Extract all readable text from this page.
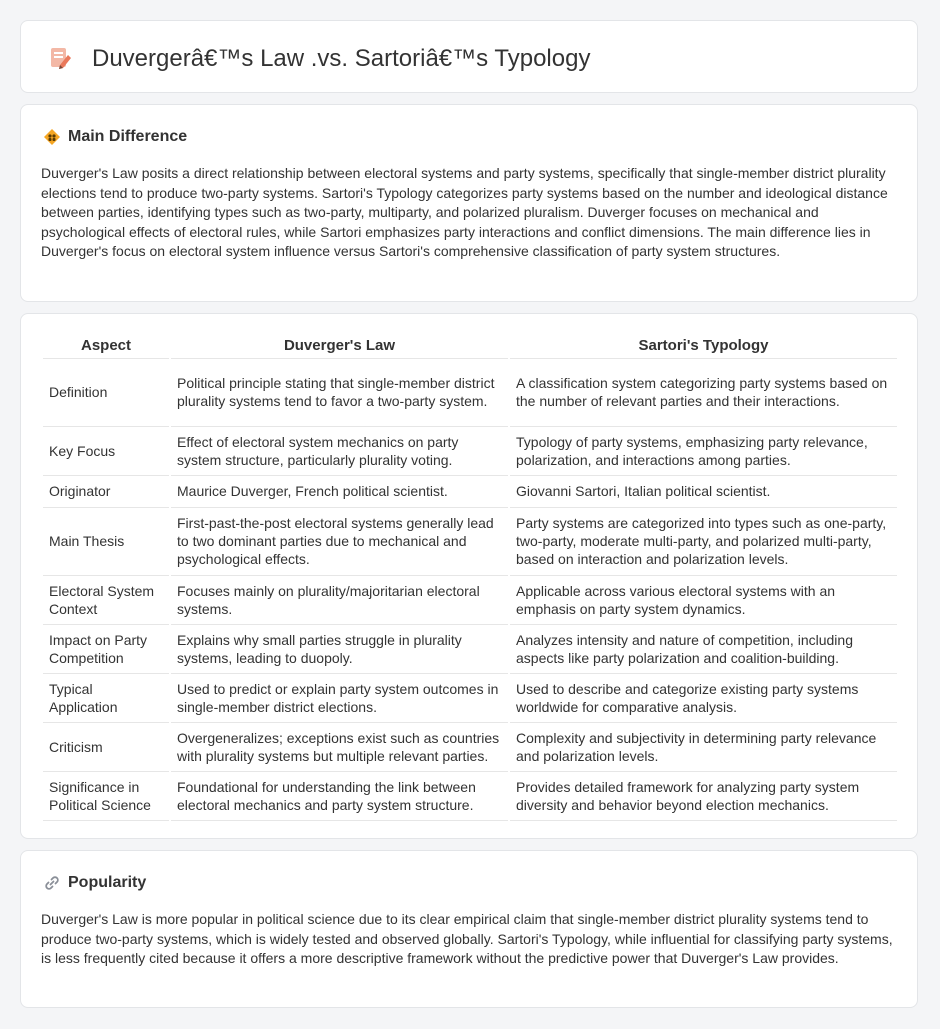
Duvergerâ€™s Law .vs. Sartoriâ€™s Typology
Main Difference

Duverger's Law posits a direct relationship between electoral systems and party systems, specifically that single-member district plurality elections tend to produce two-party systems. Sartori's Typology categorizes party systems based on the number and ideological distance between parties, identifying types such as two-party, multiparty, and polarized pluralism. Duverger focuses on mechanical and psychological effects of electoral rules, while Sartori emphasizes party interactions and conflict dimensions. The main difference lies in Duverger's focus on electoral system influence versus Sartori's comprehensive classification of party system structures.

Aspect	Duverger's Law	Sartori's Typology
Definition	Political principle stating that single-member district plurality systems tend to favor a two-party system.	A classification system categorizing party systems based on the number of relevant parties and their interactions.
Key Focus	Effect of electoral system mechanics on party system structure, particularly plurality voting.	Typology of party systems, emphasizing party relevance, polarization, and interactions among parties.
Originator	Maurice Duverger, French political scientist.	Giovanni Sartori, Italian political scientist.
Main Thesis	First-past-the-post electoral systems generally lead to two dominant parties due to mechanical and psychological effects.	Party systems are categorized into types such as one-party, two-party, moderate multi-party, and polarized multi-party, based on interaction and polarization levels.
Electoral System Context	Focuses mainly on plurality/majoritarian electoral systems.	Applicable across various electoral systems with an emphasis on party system dynamics.
Impact on Party Competition	Explains why small parties struggle in plurality systems, leading to duopoly.	Analyzes intensity and nature of competition, including aspects like party polarization and coalition-building.
Typical Application	Used to predict or explain party system outcomes in single-member district elections.	Used to describe and categorize existing party systems worldwide for comparative analysis.
Criticism	Overgeneralizes; exceptions exist such as countries with plurality systems but multiple relevant parties.	Complexity and subjectivity in determining party relevance and polarization levels.
Significance in Political Science	Foundational for understanding the link between electoral mechanics and party system structure.	Provides detailed framework for analyzing party system diversity and behavior beyond election mechanics.
Popularity

Duverger's Law is more popular in political science due to its clear empirical claim that single-member district plurality systems tend to produce two-party systems, which is widely tested and observed globally. Sartori's Typology, while influential for classifying party systems, is less frequently cited because it offers a more descriptive framework without the predictive power that Duverger's Law provides.
